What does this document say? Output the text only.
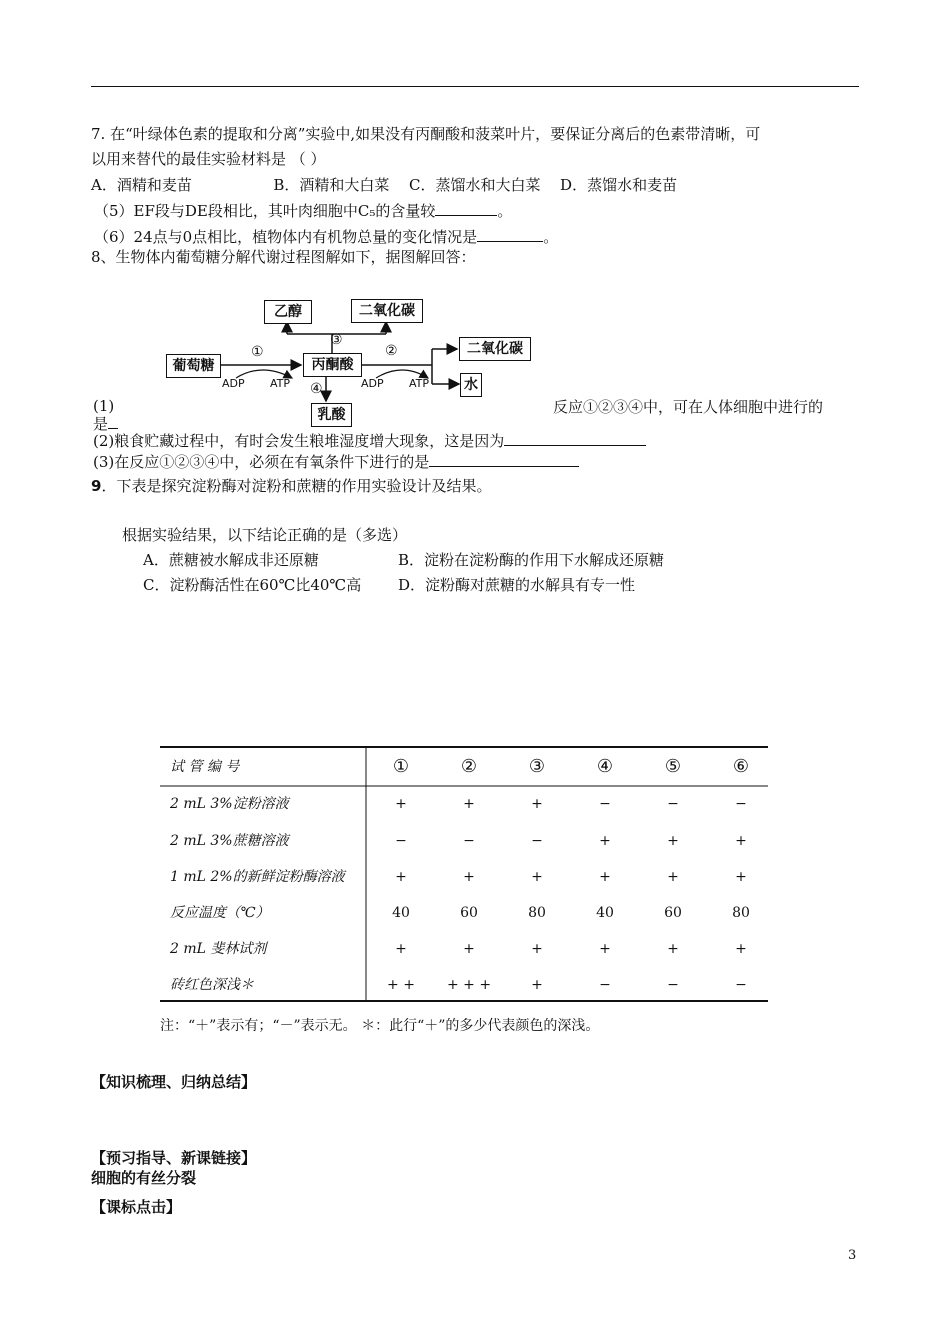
7. 在“叶绿体色素的提取和分离”实验中,如果没有丙酮酸和菠菜叶片，要保证分离后的色素带清晰，可
以用来替代的最佳实验材料是 （ ）
A．酒精和麦苗	B．酒精和大白菜 C．蒸馏水和大白菜 D．蒸馏水和麦苗
（5）EF段与DE段相比，其叶肉细胞中C₅的含量较	。
（6）24点与0点相比，植物体内有机物总量的变化情况是	。
8、生物体内葡萄糖分解代谢过程图解如下，据图解回答：
乙醇	二氧化碳
葡萄糖	丙酮酸
二氧化碳
水
乳酸
①	②
③
④
ADP ATP	ADP ATP
(1)	反应①②③④中，可在人体细胞中进行的
是
(2)粮食贮藏过程中，有时会发生粮堆湿度增大现象，这是因为
(3)在反应①②③④中，必须在有氧条件下进行的是
9．下表是探究淀粉酶对淀粉和蔗糖的作用实验设计及结果。
根据实验结果，以下结论正确的是（多选）
A．蔗糖被水解成非还原糖	B．淀粉在淀粉酶的作用下水解成还原糖
C．淀粉酶活性在60℃比40℃高 D．淀粉酶对蔗糖的水解具有专一性
试 管 编 号	①	②	③	④	⑤	⑥
2 mL 3%淀粉溶液	+	+	+	−	−	−
2 mL 3%蔗糖溶液	−	−	−	+	+	+
1 mL 2%的新鲜淀粉酶溶液	+	+	+	+	+	+
反应温度（℃）	40	60	80	40	60	80
2 mL 斐林试剂	+	+	+	+	+	+
砖红色深浅＊	+ +	+ + +	+	−	−	−
注：“＋”表示有；“－”表示无。 ＊：此行“＋”的多少代表颜色的深浅。
【知识梳理、归纳总结】
【预习指导、新课链接】
细胞的有丝分裂
【课标点击】
3
